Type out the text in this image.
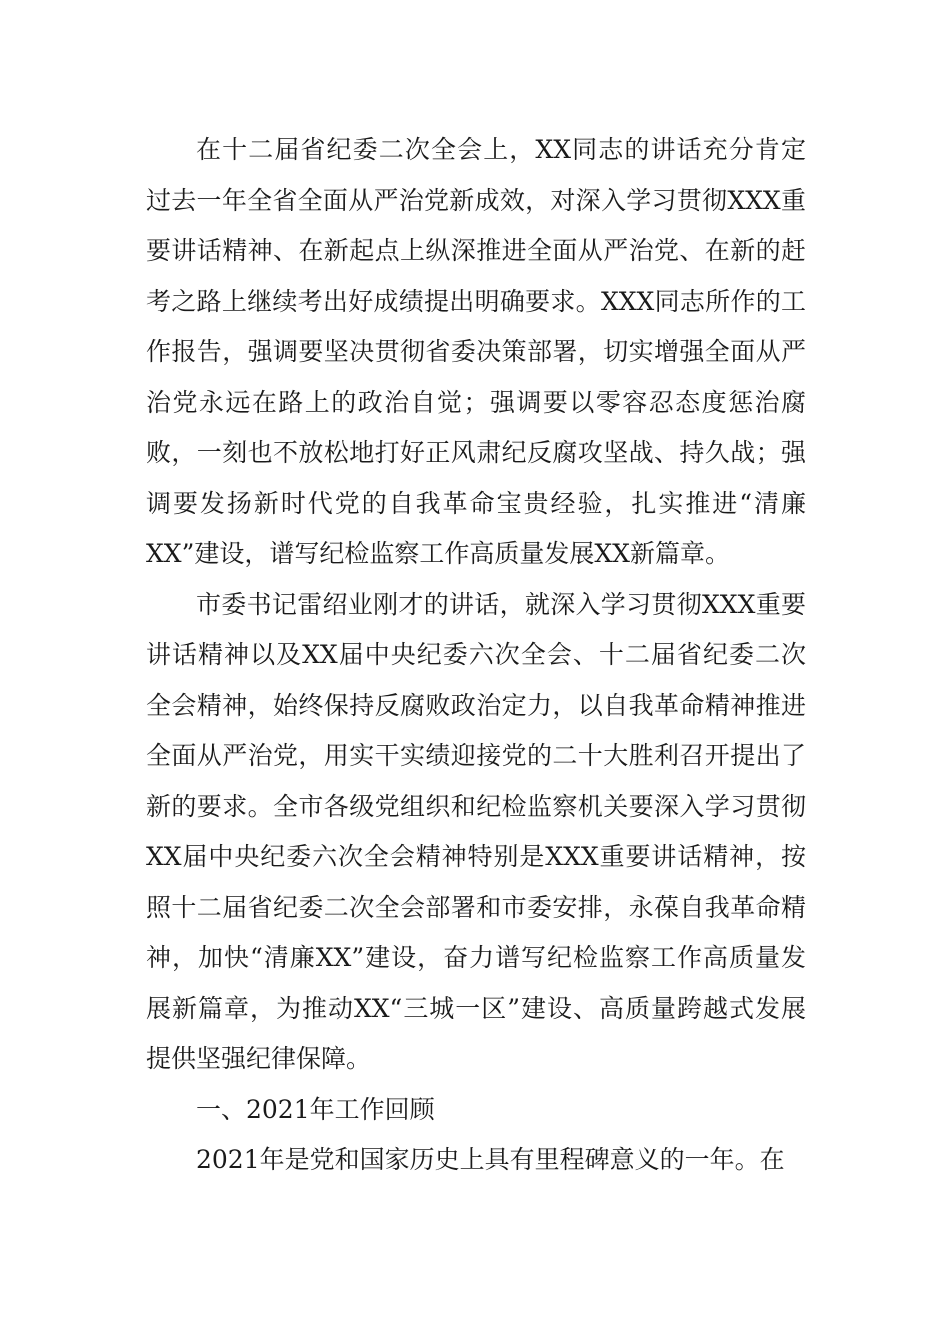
在十二届省纪委二次全会上，XX同志的讲话充分肯定过去一年全省全面从严治党新成效，对深入学习贯彻XXX重要讲话精神、在新起点上纵深推进全面从严治党、在新的赶考之路上继续考出好成绩提出明确要求。XXX同志所作的工作报告，强调要坚决贯彻省委决策部署，切实增强全面从严治党永远在路上的政治自觉；强调要以零容忍态度惩治腐败，一刻也不放松地打好正风肃纪反腐攻坚战、持久战；强调要发扬新时代党的自我革命宝贵经验，扎实推进“清廉XX”建设，谱写纪检监察工作高质量发展XX新篇章。

市委书记雷绍业刚才的讲话，就深入学习贯彻XXX重要讲话精神以及XX届中央纪委六次全会、十二届省纪委二次全会精神，始终保持反腐败政治定力，以自我革命精神推进全面从严治党，用实干实绩迎接党的二十大胜利召开提出了新的要求。全市各级党组织和纪检监察机关要深入学习贯彻XX届中央纪委六次全会精神特别是XXX重要讲话精神，按照十二届省纪委二次全会部署和市委安排，永葆自我革命精神，加快“清廉XX”建设，奋力谱写纪检监察工作高质量发展新篇章，为推动XX“三城一区”建设、高质量跨越式发展提供坚强纪律保障。

一、2021年工作回顾

2021年是党和国家历史上具有里程碑意义的一年。在
